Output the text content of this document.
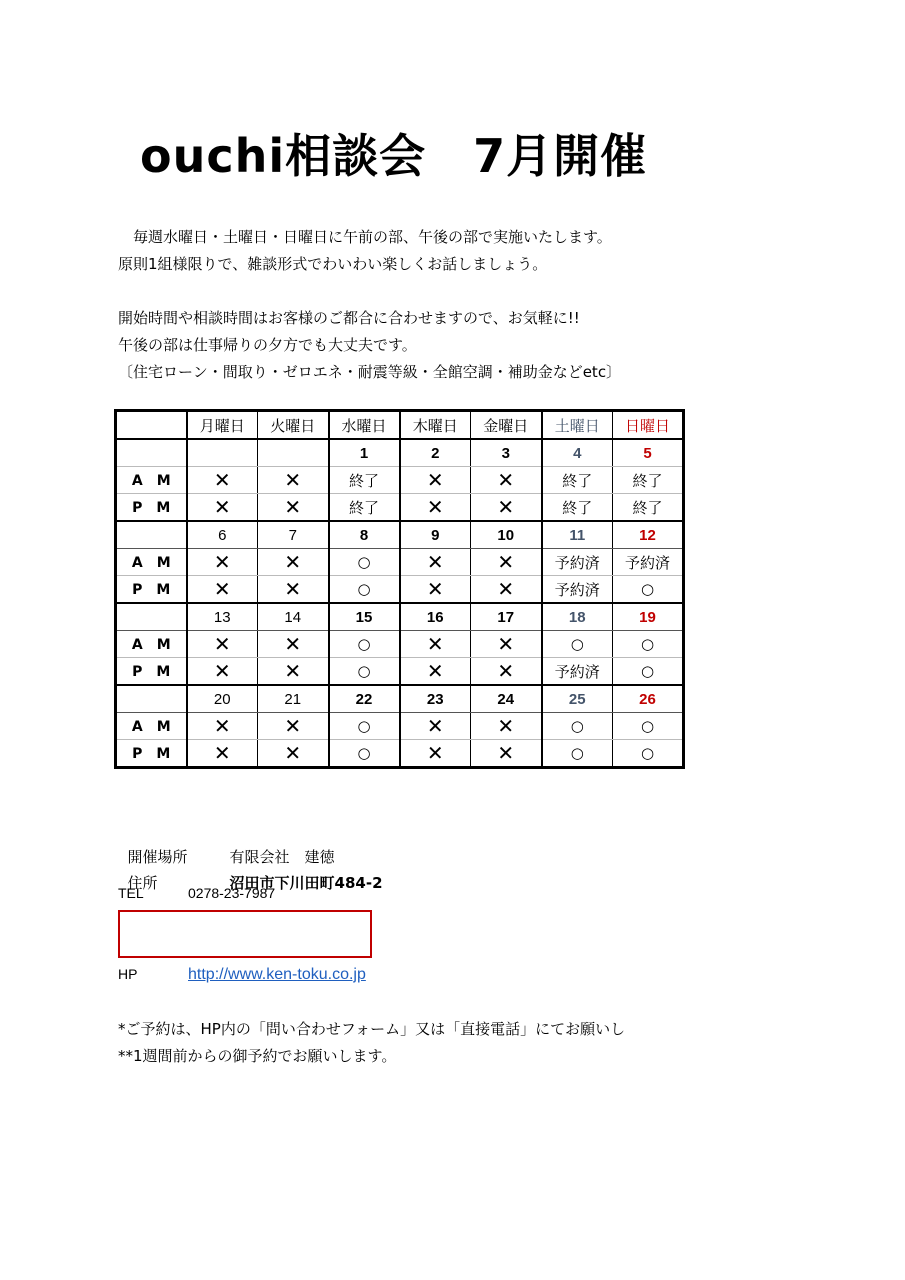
ouchi相談会　7月開催

　毎週水曜日・土曜日・日曜日に午前の部、午後の部で実施いたします。

原則1組様限りで、雑談形式でわいわい楽しくお話しましょう。

開始時間や相談時間はお客様のご都合に合わせますので、お気軽に!!

午後の部は仕事帰りの夕方でも大丈夫です。

〔住宅ローン・間取り・ゼロエネ・耐震等級・全館空調・補助金などetc〕

	月曜日	火曜日	水曜日	木曜日	金曜日	土曜日	日曜日
			1	2	3	4	5
A　M	✕	✕	終了	✕	✕	終了	終了
P　M	✕	✕	終了	✕	✕	終了	終了
	6	7	8	9	10	11	12
A　M	✕	✕	○	✕	✕	予約済	予約済
P　M	✕	✕	○	✕	✕	予約済	○
	13	14	15	16	17	18	19
A　M	✕	✕	○	✕	✕	○	○
P　M	✕	✕	○	✕	✕	予約済	○
	20	21	22	23	24	25	26
A　M	✕	✕	○	✕	✕	○	○
P　M	✕	✕	○	✕	✕	○	○

開催場所	有限会社　建徳

住所	沼田市下川田町484-2

TEL	0278-23-7987
HP	http://www.ken-toku.co.jp

*ご予約は、HP内の「問い合わせフォーム」又は「直接電話」にてお願いし

**1週間前からの御予約でお願いします。
